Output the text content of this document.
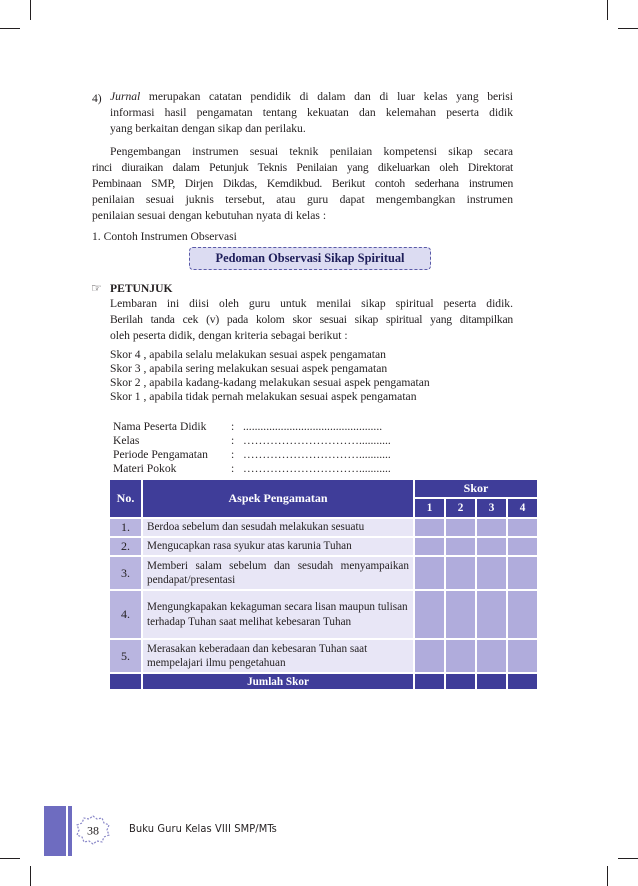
4) Jurnal merupakan catatan pendidik di dalam dan di luar kelas yang berisi
informasi hasil pengamatan tentang kekuatan dan kelemahan peserta didik
yang berkaitan dengan sikap dan perilaku.
Pengembangan instrumen sesuai teknik penilaian kompetensi sikap secara
rinci diuraikan dalam Petunjuk Teknis Penilaian yang dikeluarkan oleh Direktorat
Pembinaan SMP, Dirjen Dikdas, Kemdikbud. Berikut contoh sederhana instrumen
penilaian sesuai juknis tersebut, atau guru dapat mengembangkan instrumen
penilaian sesuai dengan kebutuhan nyata di kelas :
1. Contoh Instrumen Observasi
Pedoman Observasi Sikap Spiritual
☞ PETUNJUK
Lembaran ini diisi oleh guru untuk menilai sikap spiritual peserta didik.
Berilah tanda cek (v) pada kolom skor sesuai sikap spiritual yang ditampilkan
oleh peserta didik, dengan kriteria sebagai berikut :
Skor 4 , apabila selalu melakukan sesuai aspek pengamatan
Skor 3 , apabila sering melakukan sesuai aspek pengamatan
Skor 2 , apabila kadang-kadang melakukan sesuai aspek pengamatan
Skor 1 , apabila tidak pernah melakukan sesuai aspek pengamatan
Nama Peserta Didik : ................................................
Kelas	: …………………………...........
Periode Pengamatan : …………………………...........
Materi Pokok	: …………………………...........
No.	Aspek Pengamatan	Skor			
		1	2	3	4
1.	Berdoa sebelum dan sesudah melakukan sesuatu				
2.	Mengucapkan rasa syukur atas karunia Tuhan				
3.	Memberi salam sebelum dan sesudah menyampaikan pendapat/presentasi				
4.	Mengungkapakan kekaguman secara lisan maupun tulisan terhadap Tuhan saat melihat kebesaran Tuhan				
5.	Merasakan keberadaan dan kebesaran Tuhan saat mempelajari ilmu pengetahuan				
	Jumlah Skor				
38	Buku Guru Kelas VIII SMP/MTs
